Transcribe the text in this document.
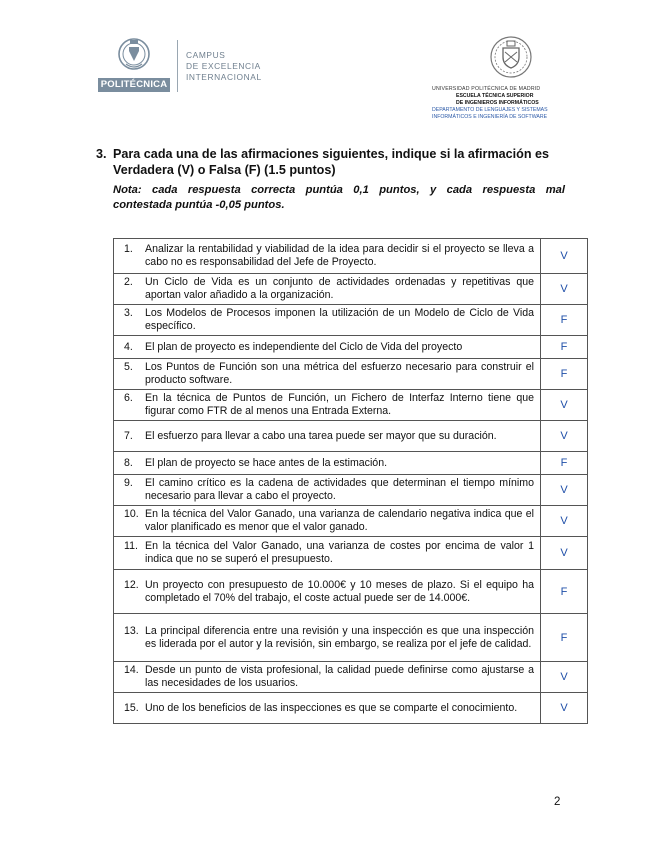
POLITÉCNICA
CAMPUS
DE EXCELENCIA
INTERNACIONAL
UNIVERSIDAD POLITÉCNICA DE MADRID
ESCUELA TÉCNICA SUPERIOR
DE INGENIEROS INFORMÁTICOS
DEPARTAMENTO DE LENGUAJES Y SISTEMAS
INFORMÁTICOS E INGENIERÍA DE SOFTWARE
3. Para cada una de las afirmaciones siguientes, indique si la afirmación es Verdadera (V) o Falsa (F) (1.5 puntos)
Nota: cada respuesta correcta puntúa 0,1 puntos, y cada respuesta mal
contestada puntúa -0,05 puntos.
1. Analizar la rentabilidad y viabilidad de la idea para decidir si el proyecto se lleva a cabo no es responsabilidad del Jefe de Proyecto.	V

2. Un Ciclo de Vida es un conjunto de actividades ordenadas y repetitivas que aportan valor añadido a la organización.	V

3. Los Modelos de Procesos imponen la utilización de un Modelo de Ciclo de Vida específico.	F

4. El plan de proyecto es independiente del Ciclo de Vida del proyecto	F

5. Los Puntos de Función son una métrica del esfuerzo necesario para construir el producto software.	F

6. En la técnica de Puntos de Función, un Fichero de Interfaz Interno tiene que figurar como FTR de al menos una Entrada Externa.	V

7. El esfuerzo para llevar a cabo una tarea puede ser mayor que su duración.	V

8. El plan de proyecto se hace antes de la estimación.	F

9. El camino crítico es la cadena de actividades que determinan el tiempo mínimo necesario para llevar a cabo el proyecto.	V

10. En la técnica del Valor Ganado, una varianza de calendario negativa indica que el valor planificado es menor que el valor ganado.	V

11. En la técnica del Valor Ganado, una varianza de costes por encima de valor 1 indica que no se superó el presupuesto.	V

12. Un proyecto con presupuesto de 10.000€ y 10 meses de plazo. Si el equipo ha completado el 70% del trabajo, el coste actual puede ser de 14.000€.	F

13. La principal diferencia entre una revisión y una inspección es que una inspección es liderada por el autor y la revisión, sin embargo, se realiza por el jefe de calidad.	F

14. Desde un punto de vista profesional, la calidad puede definirse como ajustarse a las necesidades de los usuarios.	V

15. Uno de los beneficios de las inspecciones es que se comparte el conocimiento.	V
2
